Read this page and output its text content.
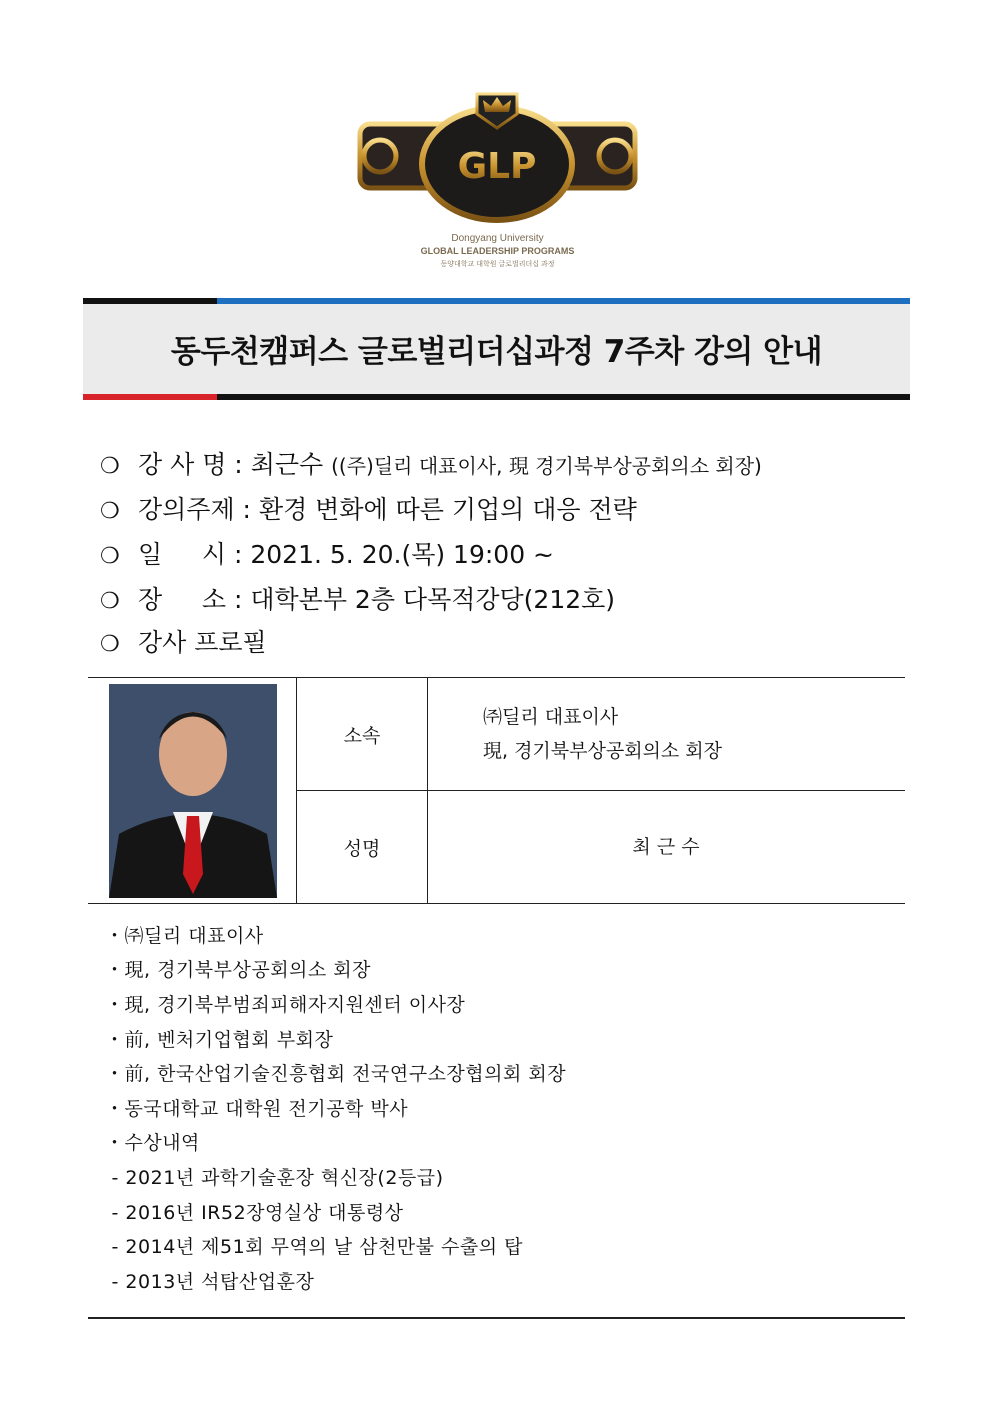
GLP
Dongyang University
GLOBAL LEADERSHIP PROGRAMS
동양대학교 대학원 글로벌리더십 과정
동두천캠퍼스 글로벌리더십과정 7주차 강의 안내
❍ 강 사 명 : 최근수 ((주)딜리 대표이사, 現 경기북부상공회의소 회장)
❍ 강의주제 : 환경 변화에 따른 기업의 대응 전략
❍ 일     시 : 2021. 5. 20.(목) 19:00 ~
❍ 장     소 : 대학본부 2층 다목적강당(212호)
❍ 강사 프로필
	소속	㈜딜리 대표이사
現, 경기북부상공회의소 회장

	성명	최 근 수
・㈜딜리 대표이사
・現, 경기북부상공회의소 회장
・現, 경기북부범죄피해자지원센터 이사장
・前, 벤처기업협회 부회장
・前, 한국산업기술진흥협회 전국연구소장협의회 회장
・동국대학교 대학원 전기공학 박사
・수상내역
- 2021년 과학기술훈장 혁신장(2등급)
- 2016년 IR52장영실상 대통령상
- 2014년 제51회 무역의 날 삼천만불 수출의 탑
- 2013년 석탑산업훈장
